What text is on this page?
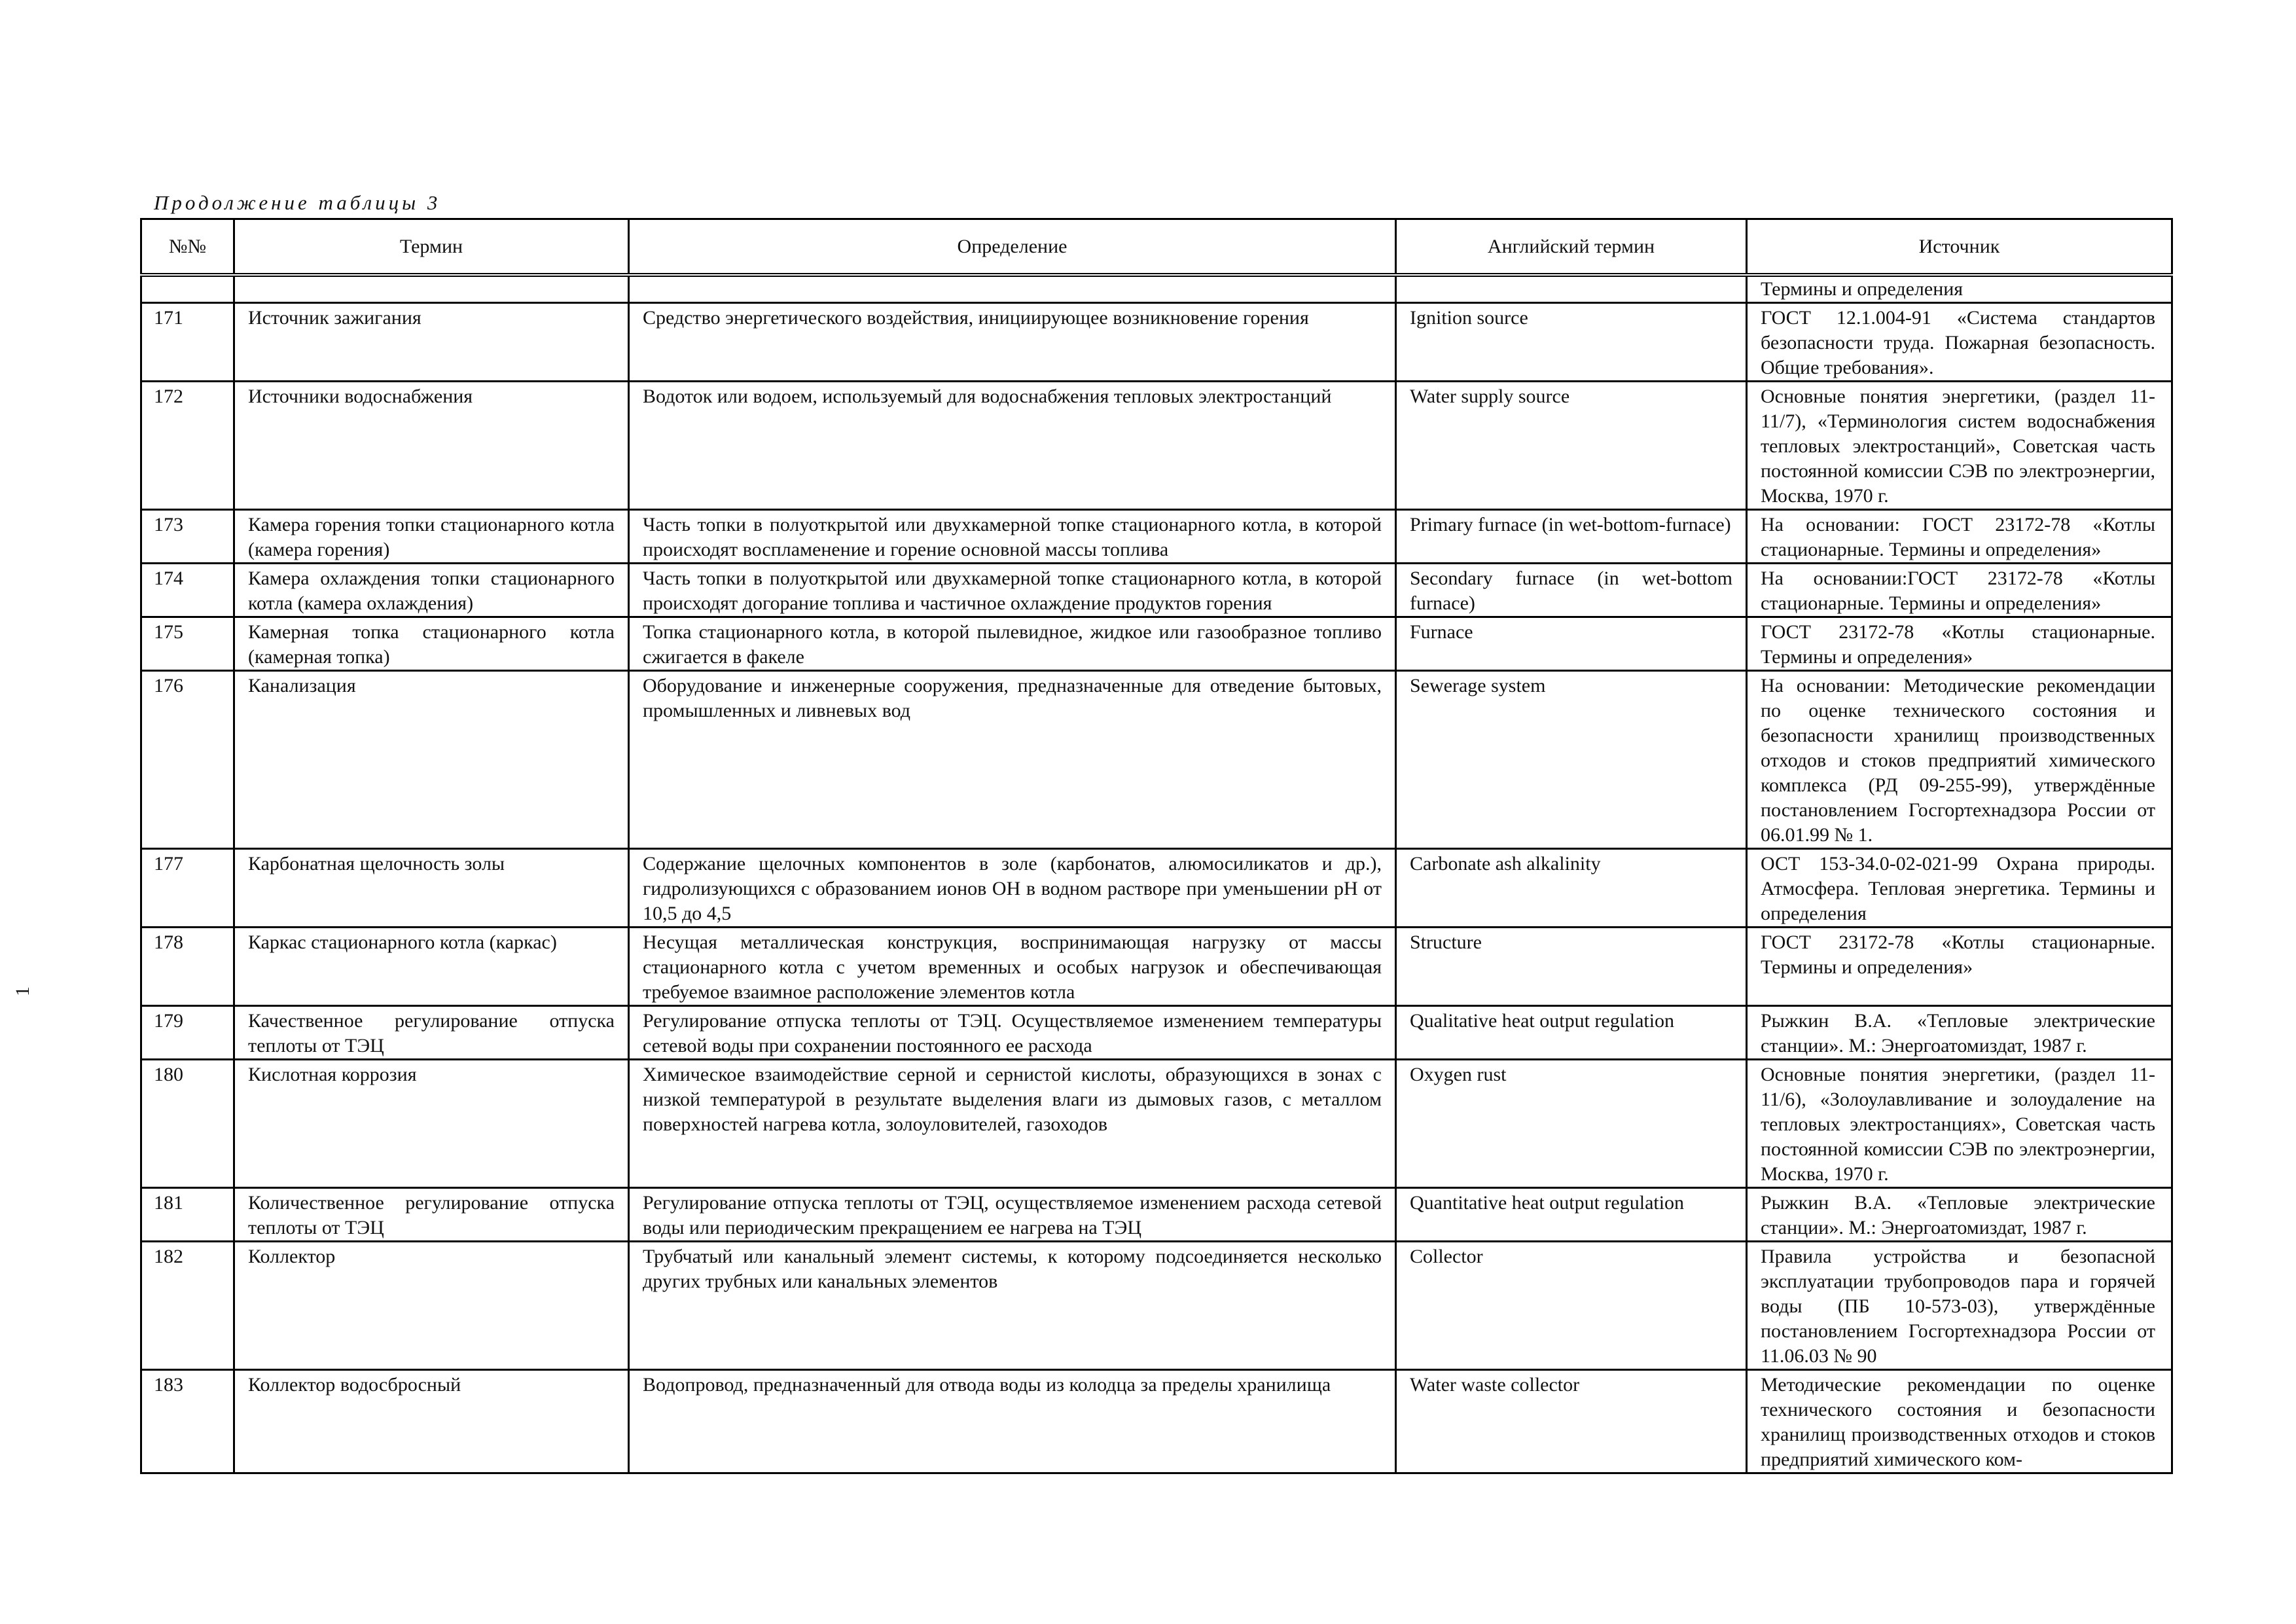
Продолжение таблицы 3
1
№№	Термин	Определение	Английский термин	Источник
				Термины и определения
171	Источник зажигания	Средство энергетического воздействия, инициирующее возникновение горения	Ignition source	ГОСТ 12.1.004-91 «Система стандартов безопасности труда. Пожарная безопасность. Общие требования».
172	Источники водоснабжения	Водоток или водоем, используемый для водоснабжения тепловых электростанций	Water supply source	Основные понятия энергетики, (раздел 11-11/7), «Терминология систем водоснабжения тепловых электростанций», Советская часть постоянной комиссии СЭВ по электроэнергии, Москва, 1970 г.
173	Камера горения топки стационарного котла (камера горения)	Часть топки в полуоткрытой или двухкамерной топке стационарного котла, в которой происходят воспламенение и горение основной массы топлива	Primary furnace (in wet-bottom-furnace)	На основании: ГОСТ 23172-78 «Котлы стационарные. Термины и определения»
174	Камера охлаждения топки стационарного котла (камера охлаждения)	Часть топки в полуоткрытой или двухкамерной топке стационарного котла, в которой происходят догорание топлива и частичное охлаждение продуктов горения	Secondary furnace (in wet-bottom furnace)	На основании:ГОСТ 23172-78 «Котлы стационарные. Термины и определения»
175	Камерная топка стационарного котла (камерная топка)	Топка стационарного котла, в которой пылевидное, жидкое или газообразное топливо сжигается в факеле	Furnace	ГОСТ 23172-78 «Котлы стационарные. Термины и определения»
176	Канализация	Оборудование и инженерные сооружения, предназначенные для отведение бытовых, промышленных и ливневых вод	Sewerage system	На основании: Методические рекомендации по оценке технического состояния и безопасности хранилищ производственных отходов и стоков предприятий химического комплекса (РД 09-255-99), утверждённые постановлением Госгортехнадзора России от 06.01.99 № 1.
177	Карбонатная щелочность золы	Содержание щелочных компонентов в золе (карбонатов, алюмосиликатов и др.), гидролизующихся с образованием ионов ОН в водном растворе при уменьшении рН от 10,5 до 4,5	Carbonate ash alkalinity	ОСТ 153-34.0-02-021-99 Охрана природы. Атмосфера. Тепловая энергетика. Термины и определения
178	Каркас стационарного котла (каркас)	Несущая металлическая конструкция, воспринимающая нагрузку от массы стационарного котла с учетом временных и особых нагрузок и обеспечивающая требуемое взаимное расположение элементов котла	Structure	ГОСТ 23172-78 «Котлы стационарные. Термины и определения»
179	Качественное регулирование отпуска теплоты от ТЭЦ	Регулирование отпуска теплоты от ТЭЦ. Осуществляемое изменением температуры сетевой воды при сохранении постоянного ее расхода	Qualitative heat output regulation	Рыжкин В.А. «Тепловые электрические станции». М.: Энергоатомиздат, 1987 г.
180	Кислотная коррозия	Химическое взаимодействие серной и сернистой кислоты, образующихся в зонах с низкой температурой в результате выделения влаги из дымовых газов, с металлом поверхностей нагрева котла, золоуловителей, газоходов	Oxygen rust	Основные понятия энергетики, (раздел 11-11/6), «Золоулавливание и золоудаление на тепловых электростанциях», Советская часть постоянной комиссии СЭВ по электроэнергии, Москва, 1970 г.
181	Количественное регулирование отпуска теплоты от ТЭЦ	Регулирование отпуска теплоты от ТЭЦ, осуществляемое изменением расхода сетевой воды или периодическим прекращением ее нагрева на ТЭЦ	Quantitative heat output regulation	Рыжкин В.А. «Тепловые электрические станции». М.: Энергоатомиздат, 1987 г.
182	Коллектор	Трубчатый или канальный элемент системы, к которому подсоединяется несколько других трубных или канальных элементов	Collector	Правила устройства и безопасной эксплуатации трубопроводов пара и горячей воды (ПБ 10-573-03), утверждённые постановлением Госгортехнадзора России от 11.06.03 № 90
183	Коллектор водосбросный	Водопровод, предназначенный для отвода воды из колодца за пределы хранилища	Water waste collector	Методические рекомендации по оценке технического состояния и безопасности хранилищ производственных отходов и стоков предприятий химического ком-
